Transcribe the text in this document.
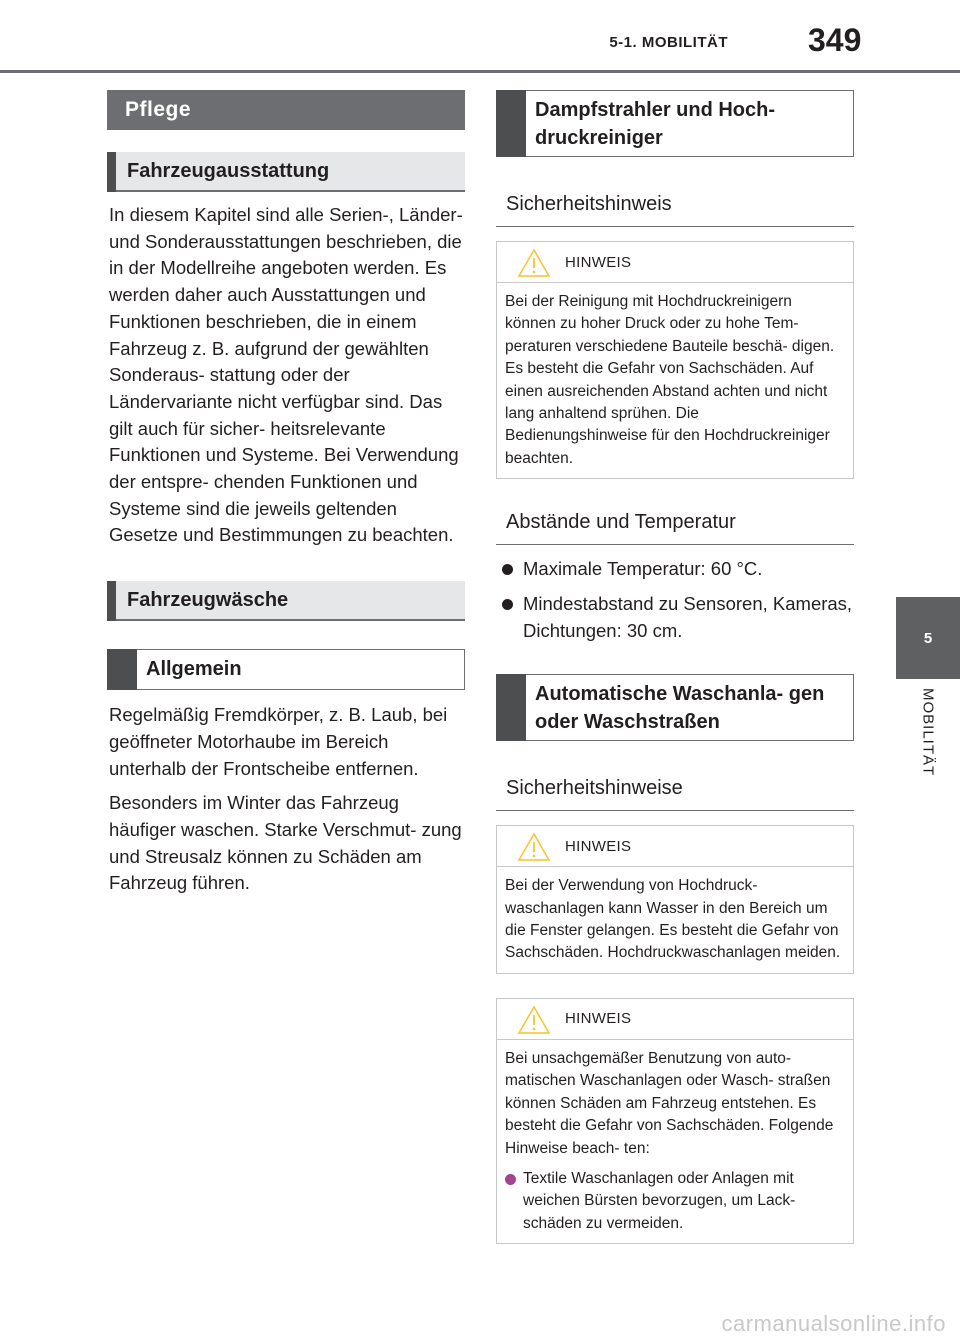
5-1. MOBILITÄT	349
5
MOBILITÄT
Pflege
Fahrzeugausstattung

In diesem Kapitel sind alle Serien-, Länder- und Sonderausstattungen beschrieben, die in der Modellreihe angeboten werden. Es werden daher auch Ausstattungen und Funktionen beschrieben, die in einem Fahrzeug z. B. aufgrund der gewählten Sonderaus- stattung oder der Ländervariante nicht verfügbar sind. Das gilt auch für sicher- heitsrelevante Funktionen und Systeme. Bei Verwendung der entspre- chenden Funktionen und Systeme sind die jeweils geltenden Gesetze und Bestimmungen zu beachten.

Fahrzeugwäsche
Allgemein

Regelmäßig Fremdkörper, z. B. Laub, bei geöffneter Motorhaube im Bereich unterhalb der Frontscheibe entfernen.

Besonders im Winter das Fahrzeug häufiger waschen. Starke Verschmut- zung und Streusalz können zu Schäden am Fahrzeug führen.

Dampfstrahler und Hoch- druckreiniger
Sicherheitshinweis
HINWEIS

Bei der Reinigung mit Hochdruckreinigern können zu hoher Druck oder zu hohe Tem- peraturen verschiedene Bauteile beschä- digen. Es besteht die Gefahr von Sachschäden. Auf einen ausreichenden Abstand achten und nicht lang anhaltend sprühen. Die Bedienungshinweise für den Hochdruckreiniger beachten.

Abstände und Temperatur
Maximale Temperatur: 60 °C.
Mindestabstand zu Sensoren, Kameras, Dichtungen: 30 cm.
Automatische Waschanla- gen oder Waschstraßen
Sicherheitshinweise
HINWEIS

Bei der Verwendung von Hochdruck- waschanlagen kann Wasser in den Bereich um die Fenster gelangen. Es besteht die Gefahr von Sachschäden. Hochdruckwaschanlagen meiden.

HINWEIS

Bei unsachgemäßer Benutzung von auto- matischen Waschanlagen oder Wasch- straßen können Schäden am Fahrzeug entstehen. Es besteht die Gefahr von Sachschäden. Folgende Hinweise beach- ten:

Textile Waschanlagen oder Anlagen mit weichen Bürsten bevorzugen, um Lack- schäden zu vermeiden.

carmanualsonline.info
